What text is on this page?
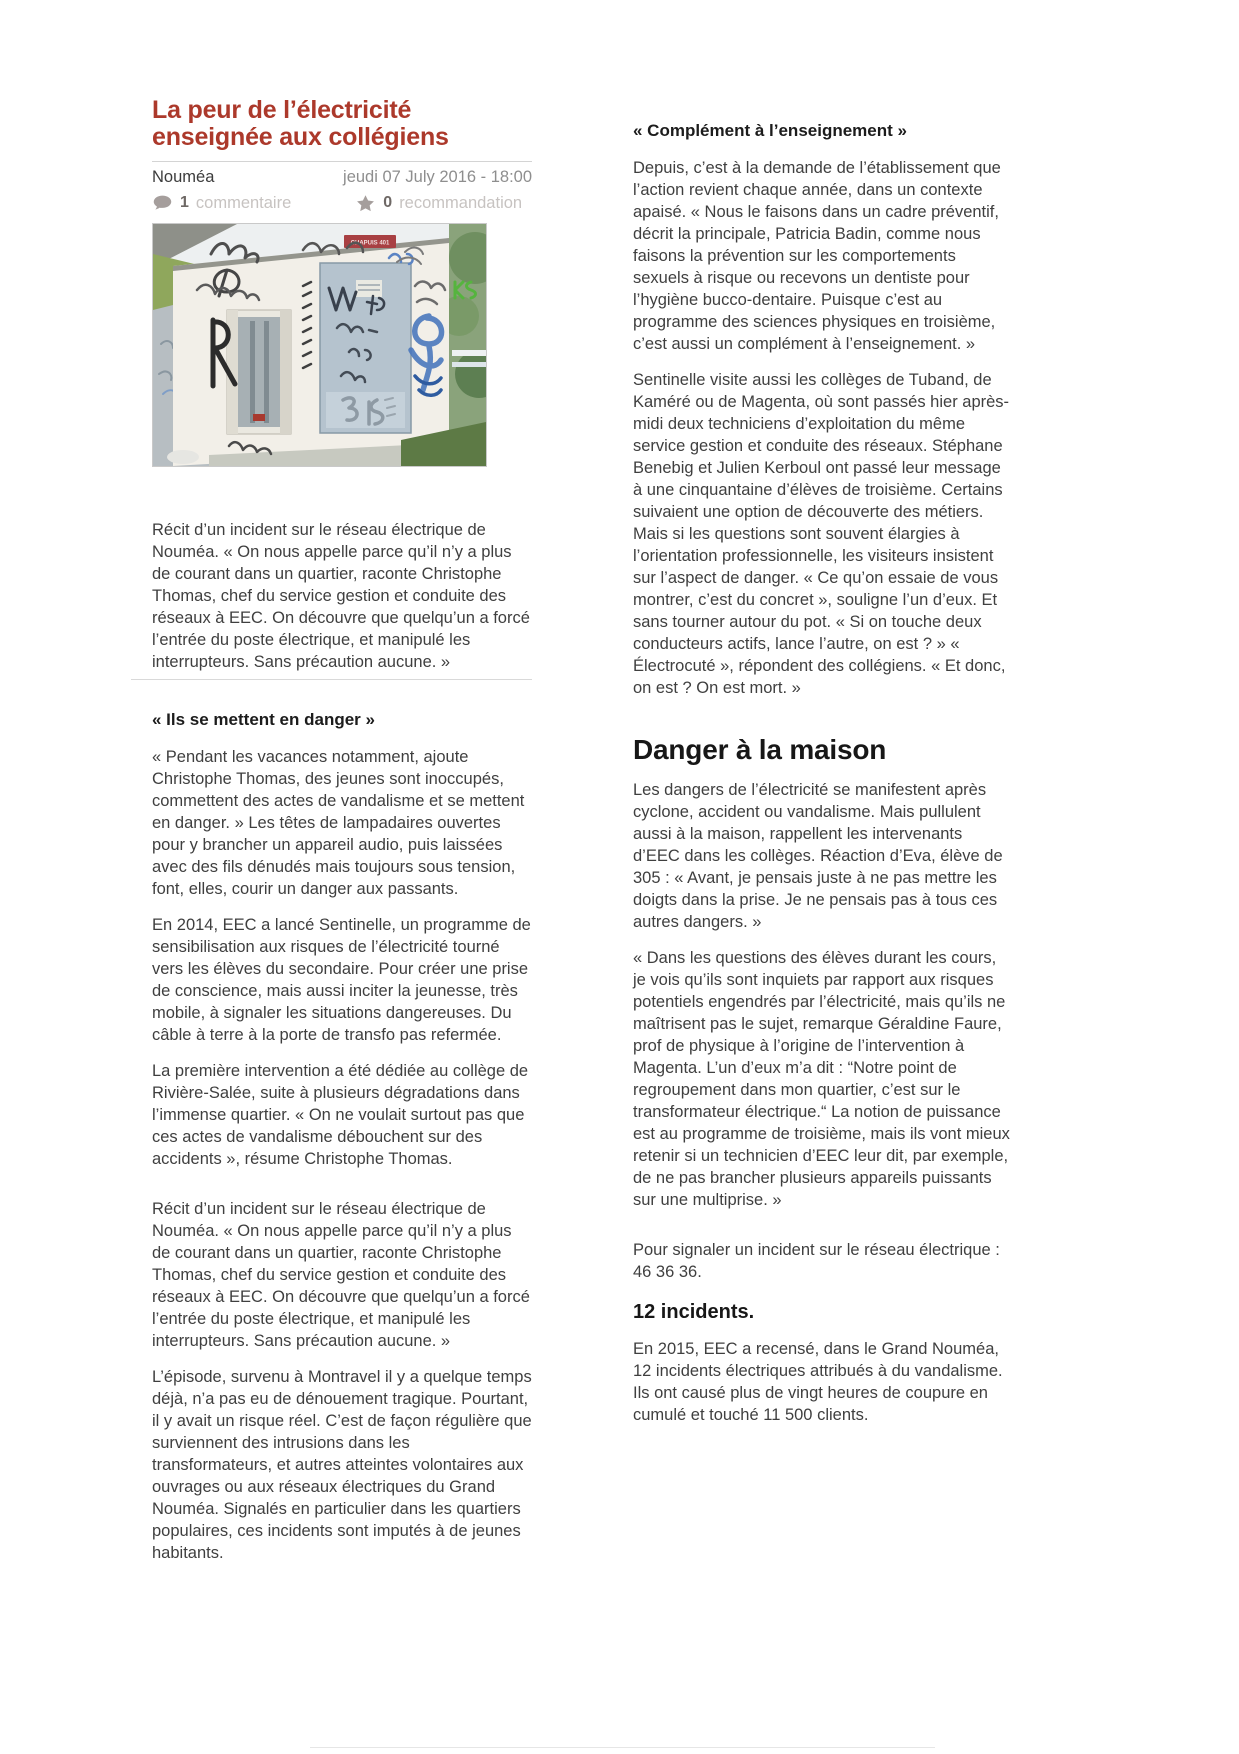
La peur de l’électricité enseignée aux collégiens
Nouméa	jeudi 07 July 2016 - 18:00
1 commentaire	0 recommandation
CHAPUIS 401

Récit d’un incident sur le réseau électrique de Nouméa. « On nous appelle parce qu’il n’y a plus de courant dans un quartier, raconte Christophe Thomas, chef du service gestion et conduite des réseaux à EEC. On découvre que quelqu’un a forcé l’entrée du poste électrique, et manipulé les interrupteurs. Sans précaution aucune. »

« Ils se mettent en danger »

« Pendant les vacances notamment, ajoute Christophe Thomas, des jeunes sont inoccupés, commettent des actes de vandalisme et se mettent en danger. » Les têtes de lampadaires ouvertes pour y brancher un appareil audio, puis laissées avec des fils dénudés mais toujours sous tension, font, elles, courir un danger aux passants.

En 2014, EEC a lancé Sentinelle, un programme de sensibilisation aux risques de l’électricité tourné vers les élèves du secondaire. Pour créer une prise de conscience, mais aussi inciter la jeunesse, très mobile, à signaler les situations dangereuses. Du câble à terre à la porte de transfo pas refermée.

La première intervention a été dédiée au collège de Rivière-Salée, suite à plusieurs dégradations dans l’immense quartier. « On ne voulait surtout pas que ces actes de vandalisme débouchent sur des accidents », résume Christophe Thomas.

Récit d’un incident sur le réseau électrique de Nouméa. « On nous appelle parce qu’il n’y a plus de courant dans un quartier, raconte Christophe Thomas, chef du service gestion et conduite des réseaux à EEC. On découvre que quelqu’un a forcé l’entrée du poste électrique, et manipulé les interrupteurs. Sans précaution aucune. »

L’épisode, survenu à Montravel il y a quelque temps déjà, n’a pas eu de dénouement tragique. Pourtant, il y avait un risque réel. C’est de façon régulière que surviennent des intrusions dans les transformateurs, et autres atteintes volontaires aux ouvrages ou aux réseaux électriques du Grand Nouméa. Signalés en particulier dans les quartiers populaires, ces incidents sont imputés à de jeunes habitants.

« Complément à l’enseignement »

Depuis, c’est à la demande de l’établissement que l’action revient chaque année, dans un contexte apaisé. « Nous le faisons dans un cadre préventif, décrit la principale, Patricia Badin, comme nous faisons la prévention sur les comportements sexuels à risque ou recevons un dentiste pour l’hygiène bucco-dentaire. Puisque c’est au programme des sciences physiques en troisième, c’est aussi un complément à l’enseignement. »

Sentinelle visite aussi les collèges de Tuband, de Kaméré ou de Magenta, où sont passés hier après-midi deux techniciens d’exploitation du même service gestion et conduite des réseaux. Stéphane Benebig et Julien Kerboul ont passé leur message à une cinquantaine d’élèves de troisième. Certains suivaient une option de découverte des métiers. Mais si les questions sont souvent élargies à l’orientation professionnelle, les visiteurs insistent sur l’aspect de danger. « Ce qu’on essaie de vous montrer, c’est du concret », souligne l’un d’eux. Et sans tourner autour du pot. « Si on touche deux conducteurs actifs, lance l’autre, on est ? » « Électrocuté », répondent des collégiens. « Et donc, on est ? On est mort. »

Danger à la maison

Les dangers de l’électricité se manifestent après cyclone, accident ou vandalisme. Mais pullulent aussi à la maison, rappellent les intervenants d’EEC dans les collèges. Réaction d’Eva, élève de 305 : « Avant, je pensais juste à ne pas mettre les doigts dans la prise. Je ne pensais pas à tous ces autres dangers. »

« Dans les questions des élèves durant les cours, je vois qu’ils sont inquiets par rapport aux risques potentiels engendrés par l’électricité, mais qu’ils ne maîtrisent pas le sujet, remarque Géraldine Faure, prof de physique à l’origine de l’intervention à Magenta. L’un d’eux m’a dit : “Notre point de regroupement dans mon quartier, c’est sur le transformateur électrique.“ La notion de puissance est au programme de troisième, mais ils vont mieux retenir si un technicien d’EEC leur dit, par exemple, de ne pas brancher plusieurs appareils puissants sur une multiprise. »

Pour signaler un incident sur le réseau électrique : 46 36 36.

12 incidents.

En 2015, EEC a recensé, dans le Grand Nouméa, 12 incidents électriques attribués à du vandalisme. Ils ont causé plus de vingt heures de coupure en cumulé et touché 11 500 clients.
